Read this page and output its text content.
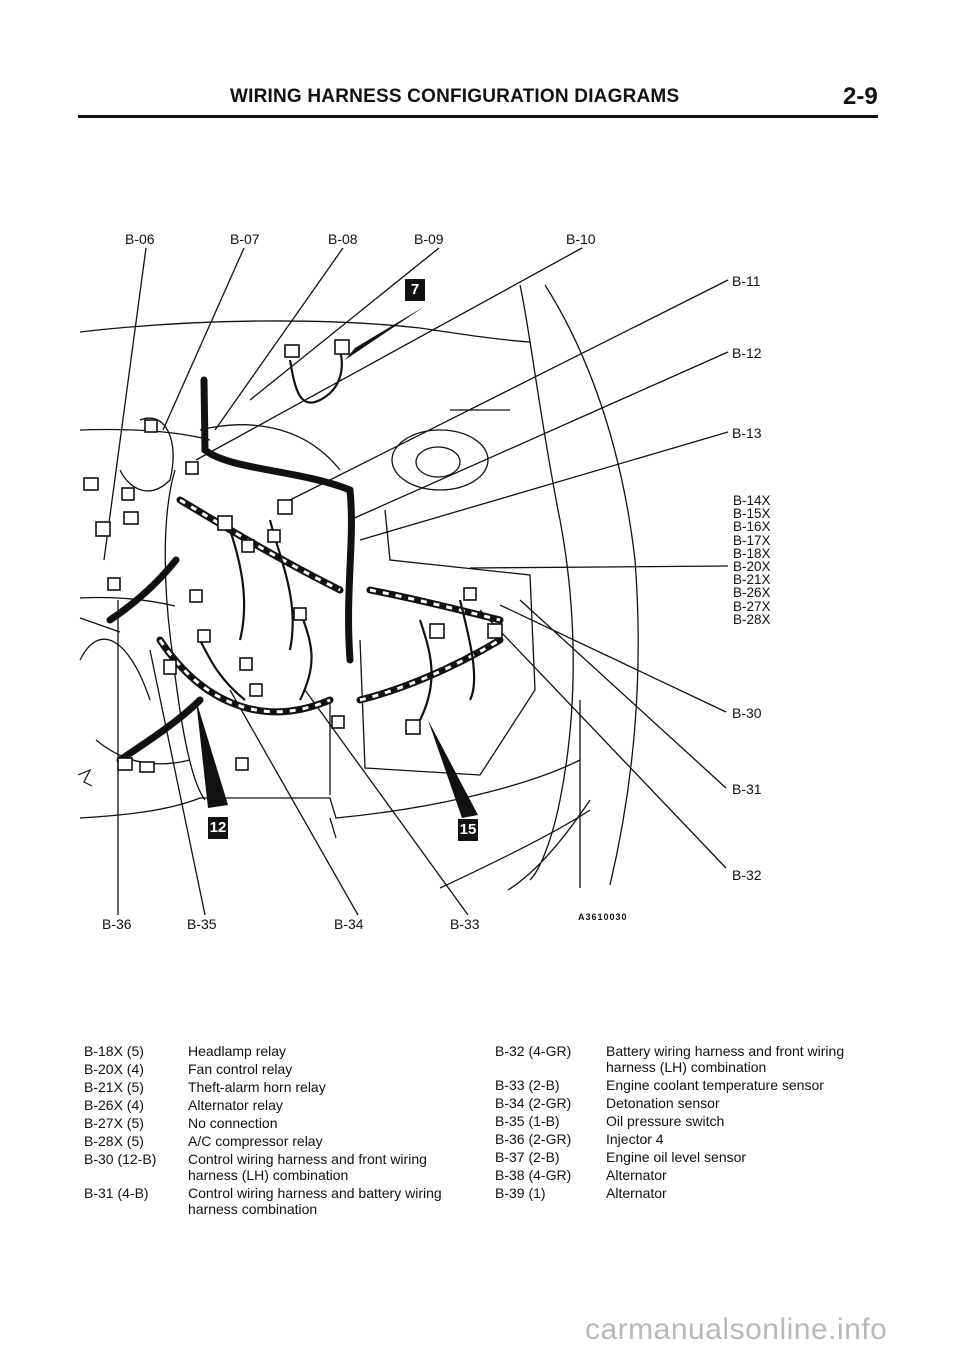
WIRING HARNESS CONFIGURATION DIAGRAMS	2-9
B-06	B-07	B-08	B-09	B-10
B-11
B-12
B-13
B-14X
B-15X
B-16X
B-17X
B-18X
B-20X
B-21X
B-26X
B-27X
B-28X
B-30
B-31
B-32
B-36	B-35	B-34	B-33	A3610030
7
12	15
B-18X (5)	Headlamp relay
B-20X (4)	Fan control relay
B-21X (5)	Theft-alarm horn relay
B-26X (4)	Alternator relay
B-27X (5)	No connection
B-28X (5)	A/C compressor relay
B-30 (12-B)	Control wiring harness and front wiring harness (LH) combination
B-31 (4-B)	Control wiring harness and battery wiring harness combination
B-32 (4-GR)	Battery wiring harness and front wiring harness (LH) combination
B-33 (2-B)	Engine coolant temperature sensor
B-34 (2-GR)	Detonation sensor
B-35 (1-B)	Oil pressure switch
B-36 (2-GR)	Injector 4
B-37 (2-B)	Engine oil level sensor
B-38 (4-GR)	Alternator
B-39 (1)	Alternator
carmanualsonline.info
